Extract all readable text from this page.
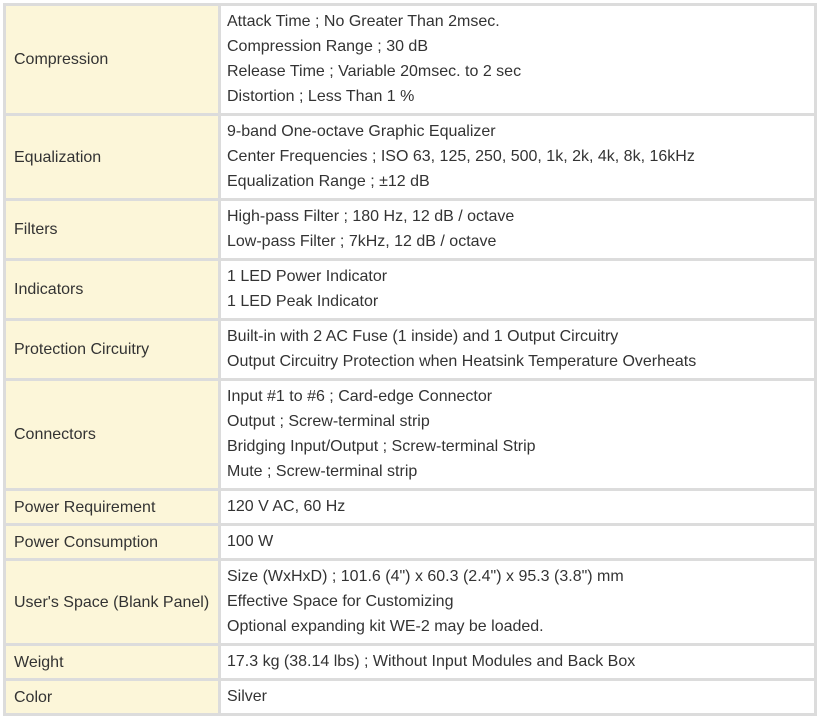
Compression	Attack Time ; No Greater Than 2msec.
Compression Range ; 30 dB
Release Time ; Variable 20msec. to 2 sec
Distortion ; Less Than 1 %

Equalization	9-band One-octave Graphic Equalizer
Center Frequencies ; ISO 63, 125, 250, 500, 1k, 2k, 4k, 8k, 16kHz
Equalization Range ; ±12 dB

Filters	High-pass Filter ; 180 Hz, 12 dB / octave
Low-pass Filter ; 7kHz, 12 dB / octave

Indicators	1 LED Power Indicator
1 LED Peak Indicator

Protection Circuitry	Built-in with 2 AC Fuse (1 inside) and 1 Output Circuitry
Output Circuitry Protection when Heatsink Temperature Overheats

Connectors	Input #1 to #6 ; Card-edge Connector
Output ; Screw-terminal strip
Bridging Input/Output ; Screw-terminal Strip
Mute ; Screw-terminal strip

Power Requirement	120 V AC, 60 Hz

Power Consumption	100 W

User's Space (Blank Panel)	Size (WxHxD) ; 101.6 (4") x 60.3 (2.4") x 95.3 (3.8") mm
Effective Space for Customizing
Optional expanding kit WE-2 may be loaded.

Weight	17.3 kg (38.14 lbs) ; Without Input Modules and Back Box

Color	Silver
